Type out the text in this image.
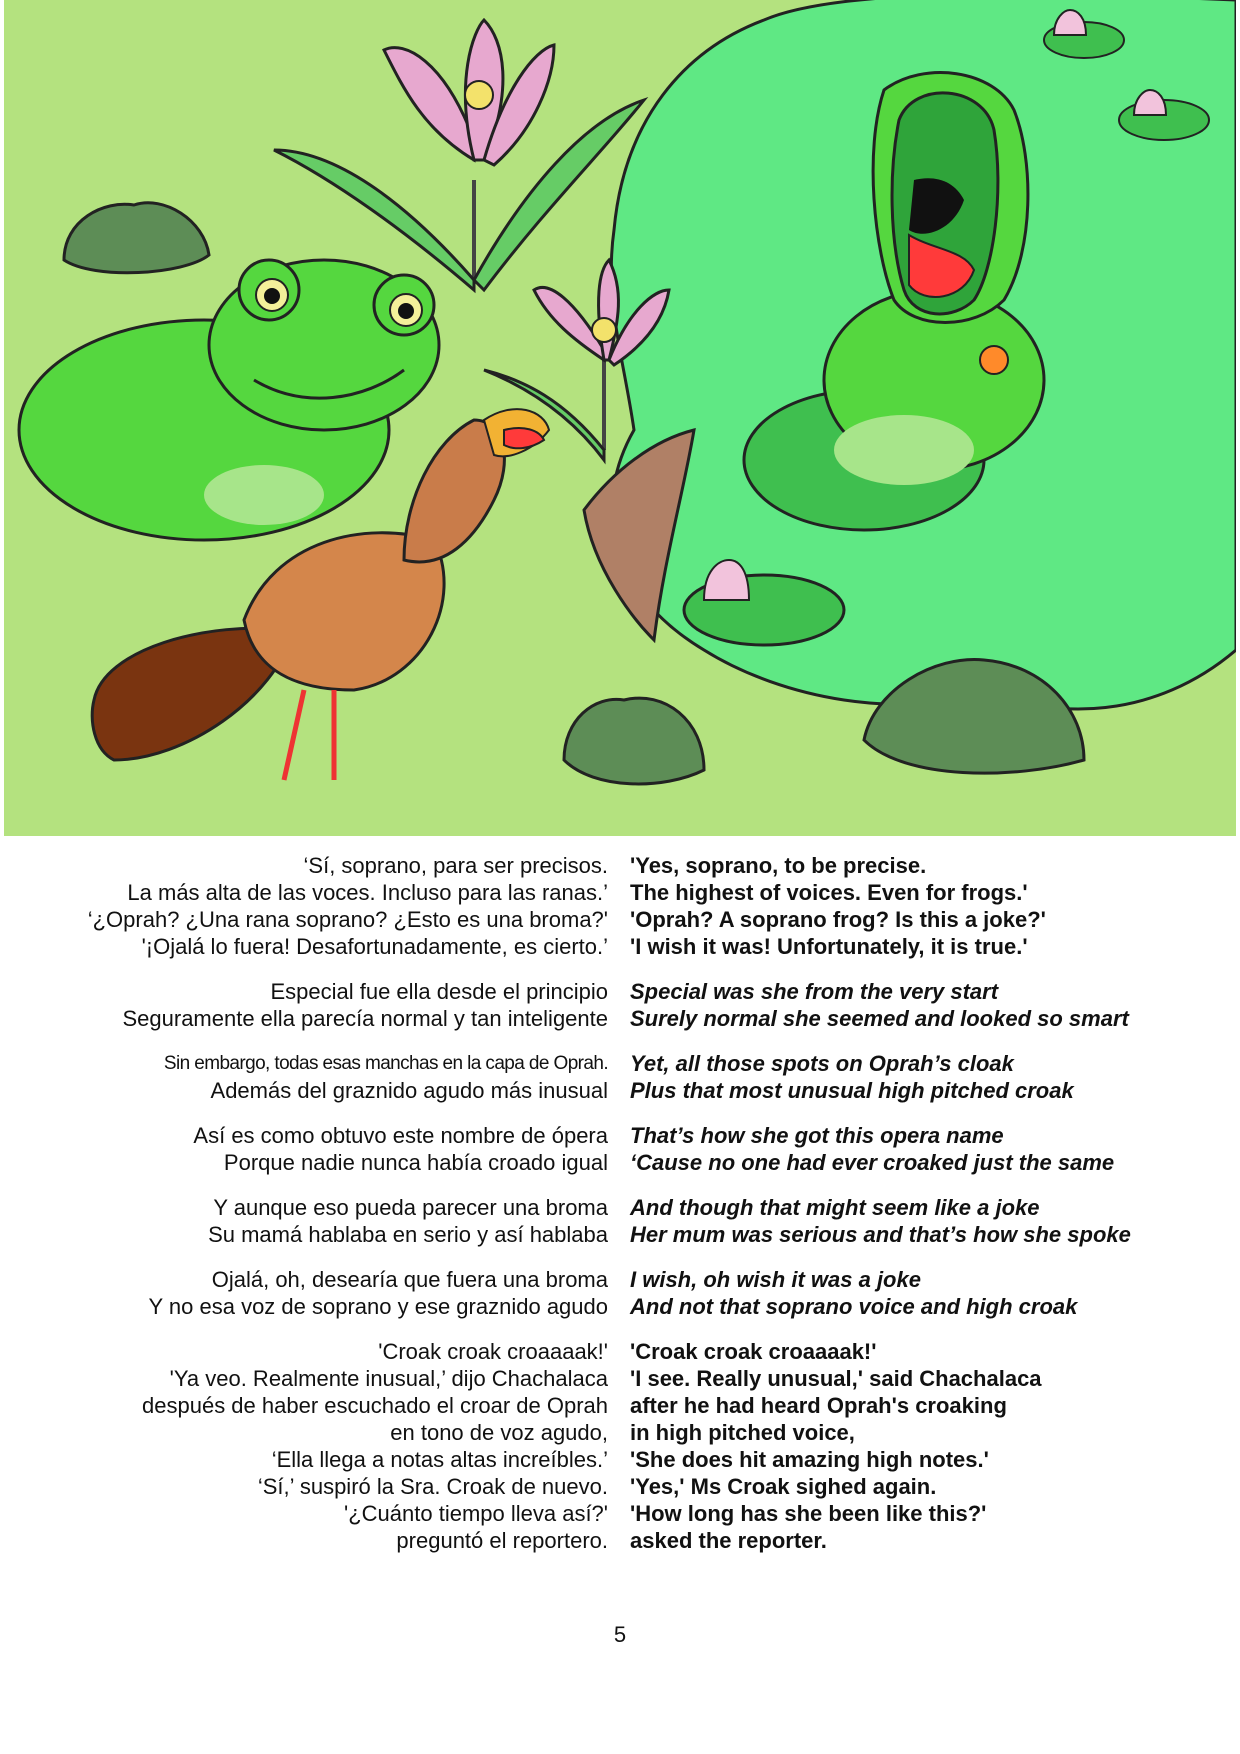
‘Sí, soprano, para ser precisos.
La más alta de las voces. Incluso para las ranas.’
‘¿Oprah? ¿Una rana soprano? ¿Esto es una broma?'
'¡Ojalá lo fuera! Desafortunadamente, es cierto.’
'Yes, soprano, to be precise.
The highest of voices. Even for frogs.'
'Oprah? A soprano frog? Is this a joke?'
'I wish it was! Unfortunately, it is true.'
Especial fue ella desde el principio
Seguramente ella parecía normal y tan inteligente
Special was she from the very start
Surely normal she seemed and looked so smart
Sin embargo, todas esas manchas en la capa de Oprah.
Además del graznido agudo más inusual
Yet, all those spots on Oprah’s cloak
Plus that most unusual high pitched croak
Así es como obtuvo este nombre de ópera
Porque nadie nunca había croado igual
That’s how she got this opera name
‘Cause no one had ever croaked just the same
Y aunque eso pueda parecer una broma
Su mamá hablaba en serio y así hablaba
And though that might seem like a joke
Her mum was serious and that’s how she spoke
Ojalá, oh, desearía que fuera una broma
Y no esa voz de soprano y ese graznido agudo
I wish, oh wish it was a joke
And not that soprano voice and high croak
'Croak croak croaaaak!'
'Ya veo. Realmente inusual,’ dijo Chachalaca
después de haber escuchado el croar de Oprah
en tono de voz agudo,
‘Ella llega a notas altas increíbles.’
‘Sí,’ suspiró la Sra. Croak de nuevo.
'¿Cuánto tiempo lleva así?'
preguntó el reportero.
'Croak croak croaaaak!'
'I see. Really unusual,' said Chachalaca
after he had heard Oprah's croaking
in high pitched voice,
'She does hit amazing high notes.'
'Yes,' Ms Croak sighed again.
'How long has she been like this?'
asked the reporter.
5
